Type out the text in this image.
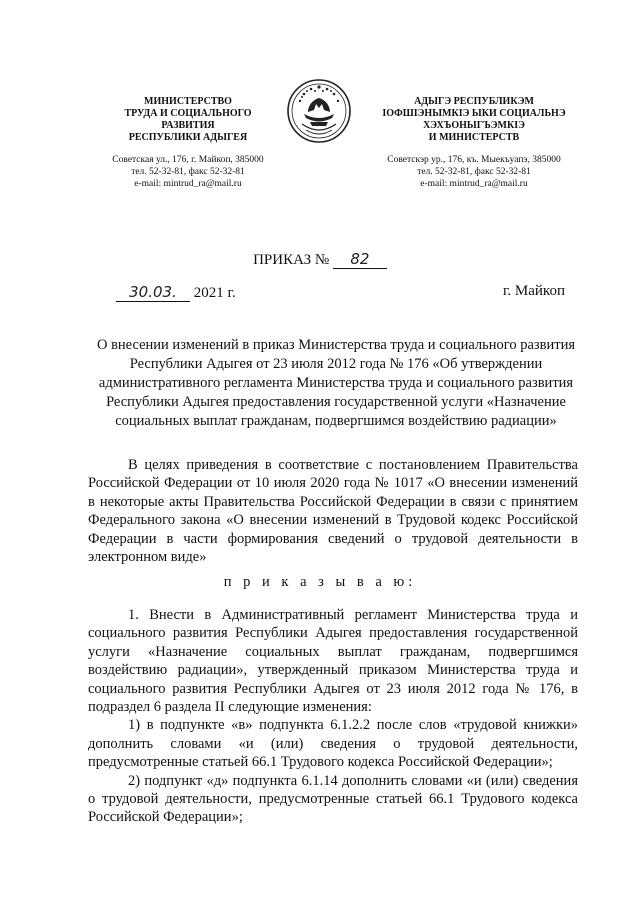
МИНИСТЕРСТВО
ТРУДА И СОЦИАЛЬНОГО
РАЗВИТИЯ
РЕСПУБЛИКИ АДЫГЕЯ
Советская ул., 176, г. Майкоп, 385000
тел. 52-32-81, факс 52-32-81
e-mail: mintrud_ra@mail.ru
АДЫГЭ РЕСПУБЛИКЭМ
ІОФШІЭНЫМКІЭ ЫКИ СОЦИАЛЬНЭ
ХЭХЪОНЫГЪЭМКІЭ
И МИНИСТЕРСТВ
Советскэр ур., 176, къ. Мыекъуапэ, 385000
тел. 52-32-81, факс 52-32-81
e-mail: mintrud_ra@mail.ru
ПРИКАЗ № 82
30.03. 2021 г.	г. Майкоп
О внесении изменений в приказ Министерства труда и социального развития Республики Адыгея от 23 июля 2012 года № 176 «Об утверждении административного регламента Министерства труда и социального развития Республики Адыгея предоставления государственной услуги «Назначение социальных выплат гражданам, подвергшимся воздействию радиации»
В целях приведения в соответствие с постановлением Правительства Российской Федерации от 10 июля 2020 года № 1017 «О внесении изменений в некоторые акты Правительства Российской Федерации в связи с принятием Федерального закона «О внесении изменений в Трудовой кодекс Российской Федерации в части формирования сведений о трудовой деятельности в электронном виде»
п р и к а з ы в а ю:

1. Внести в Административный регламент Министерства труда и социального развития Республики Адыгея предоставления государственной услуги «Назначение социальных выплат гражданам, подвергшимся воздействию радиации», утвержденный приказом Министерства труда и социального развития Республики Адыгея от 23 июля 2012 года № 176, в подраздел 6 раздела II следующие изменения:

1) в подпункте «в» подпункта 6.1.2.2 после слов «трудовой книжки» дополнить словами «и (или) сведения о трудовой деятельности, предусмотренные статьей 66.1 Трудового кодекса Российской Федерации»;

2) подпункт «д» подпункта 6.1.14 дополнить словами «и (или) сведения о трудовой деятельности, предусмотренные статьей 66.1 Трудового кодекса Российской Федерации»;
